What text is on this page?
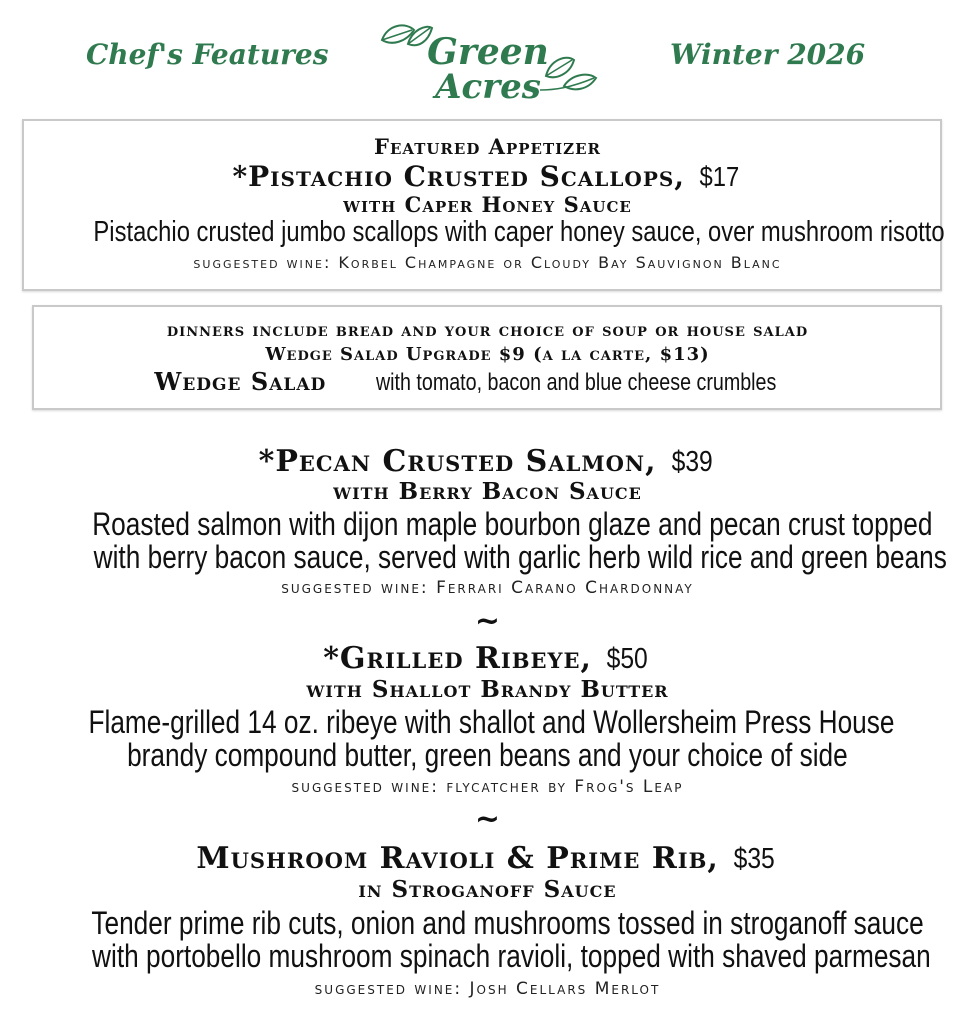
Chef's Features	Green
Acres
Winter 2026
Featured Appetizer
*Pistachio Crusted Scallops, $17
with Caper Honey Sauce
Pistachio crusted jumbo scallops with caper honey sauce, over mushroom risotto
suggested wine: Korbel Champagne or Cloudy Bay Sauvignon Blanc
dinners include bread and your choice of soup or house salad
Wedge Salad Upgrade $9 (a la carte, $13)
Wedge Salad with tomato, bacon and blue cheese crumbles
*Pecan Crusted Salmon, $39
with Berry Bacon Sauce
Roasted salmon with dijon maple bourbon glaze and pecan crust topped
with berry bacon sauce, served with garlic herb wild rice and green beans
suggested wine: Ferrari Carano Chardonnay
~
*Grilled Ribeye, $50
with Shallot Brandy Butter
Flame-grilled 14 oz. ribeye with shallot and Wollersheim Press House
brandy compound butter, green beans and your choice of side
suggested wine: flycatcher by Frog's Leap
~
Mushroom Ravioli & Prime Rib, $35
in Stroganoff Sauce
Tender prime rib cuts, onion and mushrooms tossed in stroganoff sauce
with portobello mushroom spinach ravioli, topped with shaved parmesan
suggested wine: Josh Cellars Merlot
